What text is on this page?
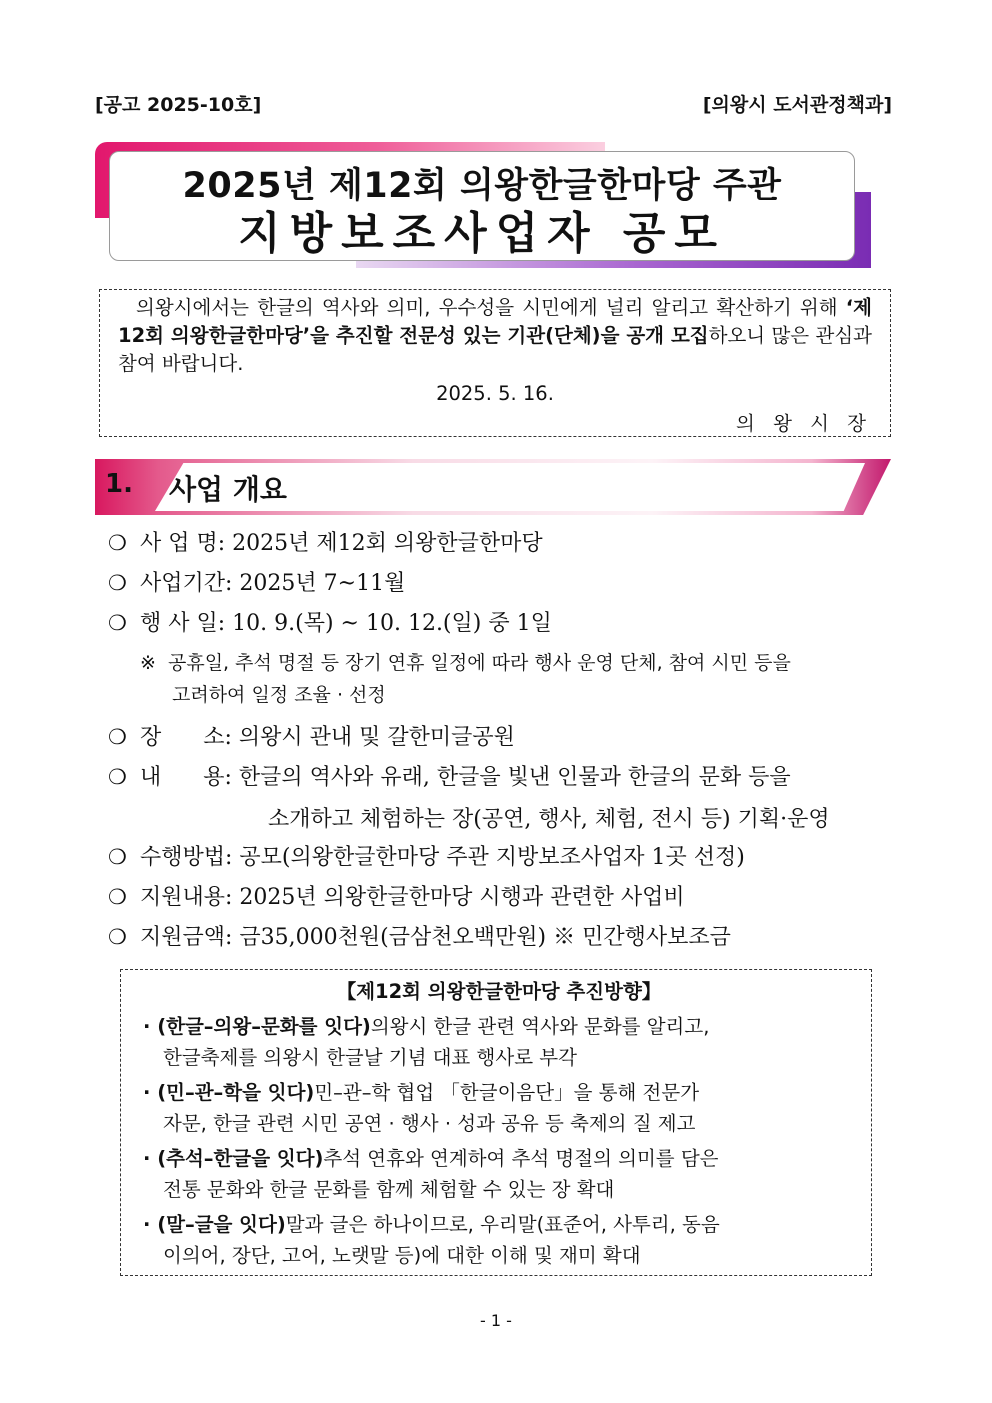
[공고 2025-10호]	[의왕시 도서관정책과]
2025년 제12회 의왕한글한마당 주관
지방보조사업자 공모

의왕시에서는 한글의 역사와 의미, 우수성을 시민에게 널리 알리고 확산하기 위해 ‘제12회 의왕한글한마당’을 추진할 전문성 있는 기관(단체)을 공개 모집하오니 많은 관심과 참여 바랍니다.

2025. 5. 16.
의 왕 시 장
1. 사업 개요
❍ 사 업 명: 2025년 제12회 의왕한글한마당
❍ 사업기간: 2025년 7~11월
❍ 행 사 일: 10. 9.(목) ~ 10. 12.(일) 중 1일
※ 공휴일, 추석 명절 등 장기 연휴 일정에 따라 행사 운영 단체, 참여 시민 등을
고려하여 일정 조율 · 선정
❍ 장      소: 의왕시 관내 및 갈한미글공원
❍ 내      용: 한글의 역사와 유래, 한글을 빛낸 인물과 한글의 문화 등을
소개하고 체험하는 장(공연, 행사, 체험, 전시 등) 기획·운영
❍ 수행방법: 공모(의왕한글한마당 주관 지방보조사업자 1곳 선정)
❍ 지원내용: 2025년 의왕한글한마당 시행과 관련한 사업비
❍ 지원금액: 금35,000천원(금삼천오백만원) ※ 민간행사보조금
【제12회 의왕한글한마당 추진방향】
· (한글–의왕–문화를 잇다)의왕시 한글 관련 역사와 문화를 알리고,
한글축제를 의왕시 한글날 기념 대표 행사로 부각
· (민–관–학을 잇다)민–관–학 협업 「한글이음단」을 통해 전문가
자문, 한글 관련 시민 공연 · 행사 · 성과 공유 등 축제의 질 제고
· (추석–한글을 잇다)추석 연휴와 연계하여 추석 명절의 의미를 담은
전통 문화와 한글 문화를 함께 체험할 수 있는 장 확대
· (말–글을 잇다)말과 글은 하나이므로, 우리말(표준어, 사투리, 동음
이의어, 장단, 고어, 노랫말 등)에 대한 이해 및 재미 확대
- 1 -
